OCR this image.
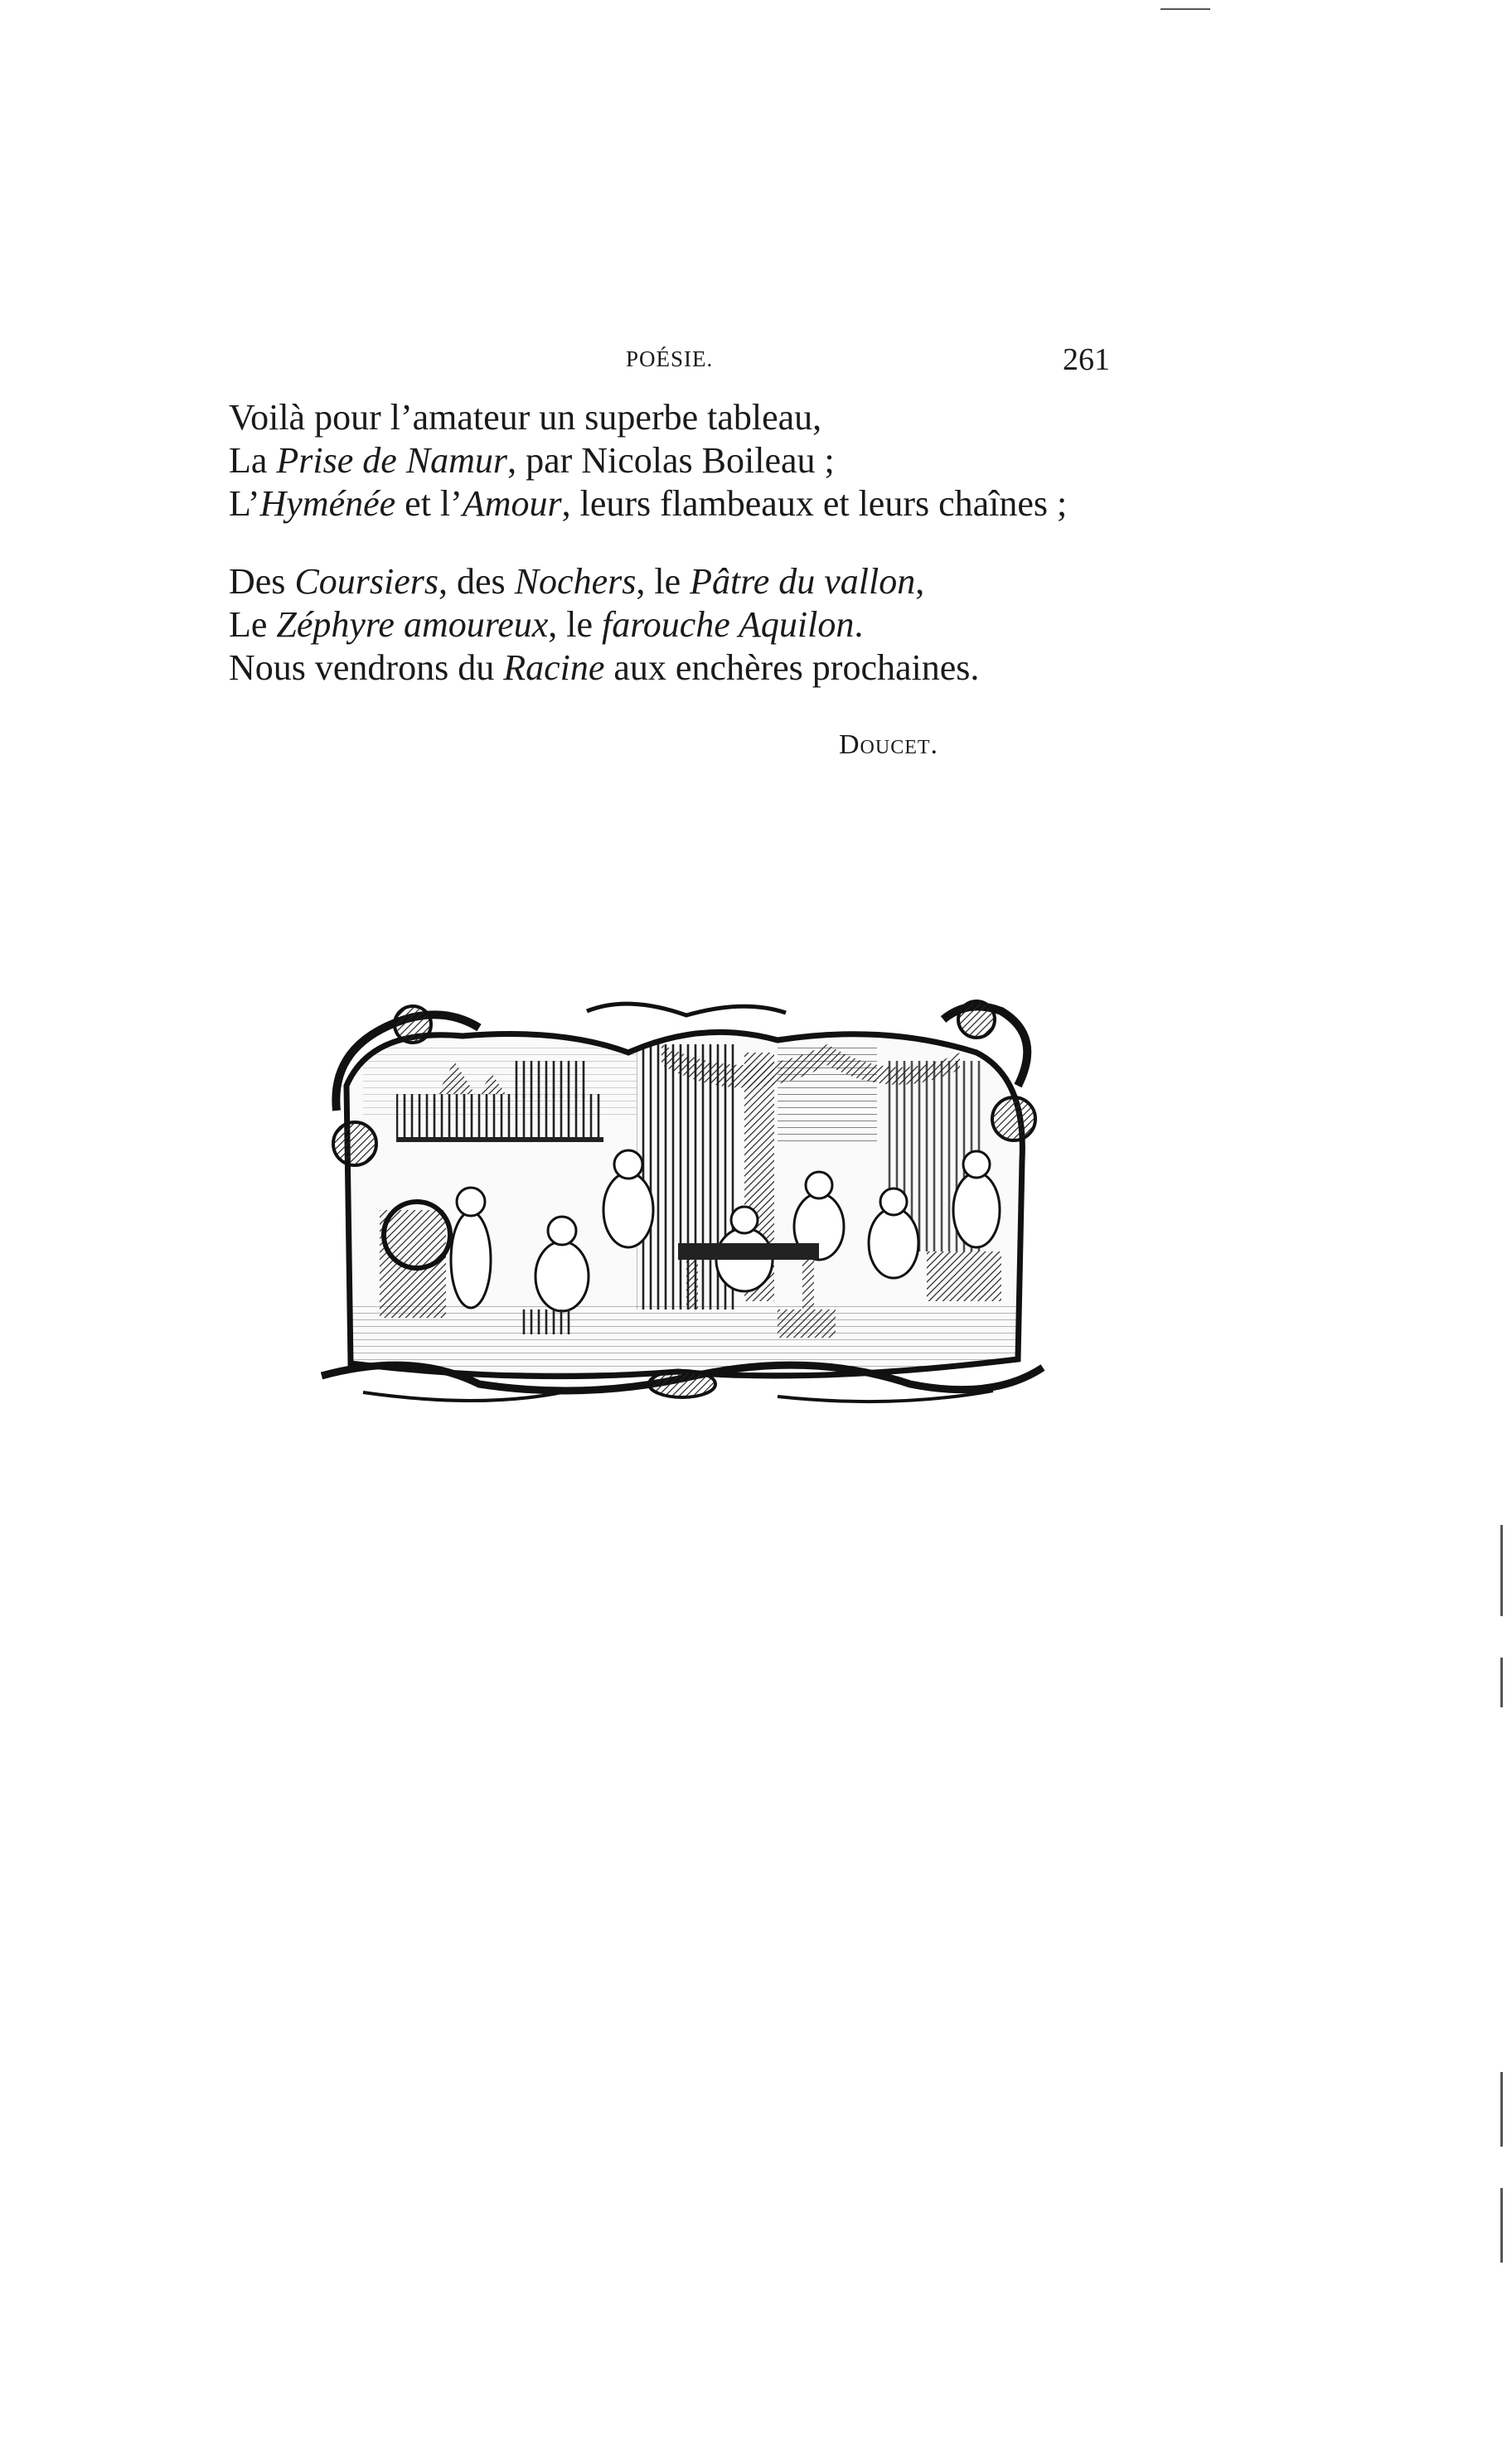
POÉSIE.	261
Voilà pour l’amateur un superbe tableau,
La Prise de Namur, par Nicolas Boileau ;
L’Hyménée et l’Amour, leurs flambeaux et leurs chaînes ;
Des Coursiers, des Nochers, le Pâtre du vallon,
Le Zéphyre amoureux, le farouche Aquilon.
Nous vendrons du Racine aux enchères prochaines.
Doucet.
